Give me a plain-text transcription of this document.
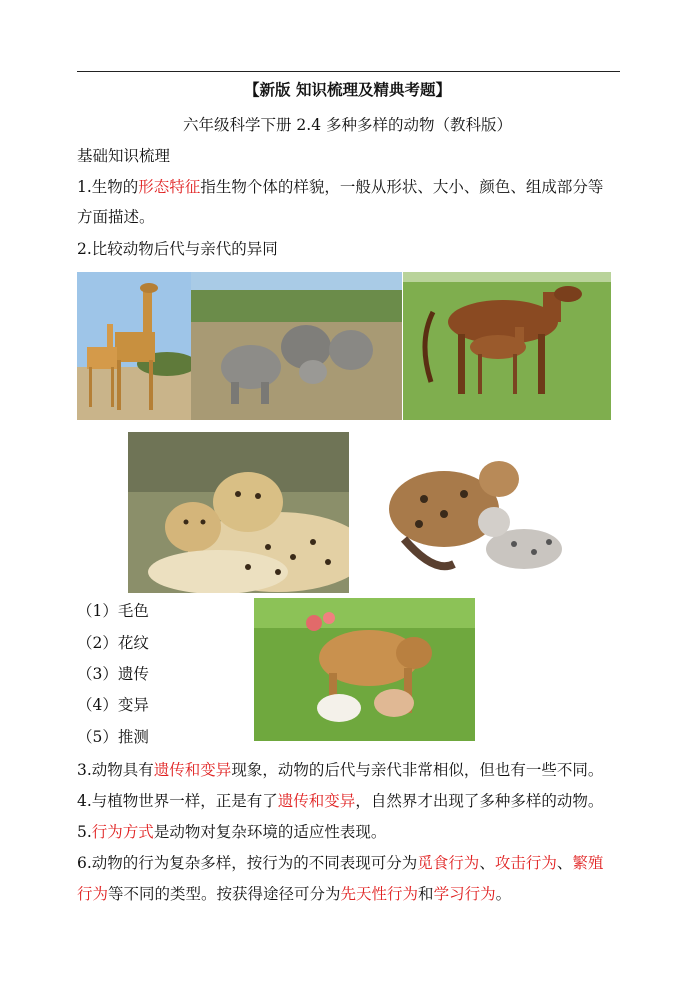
【新版 知识梳理及精典考题】
六年级科学下册 2.4 多种多样的动物（教科版）
基础知识梳理
1.生物的形态特征指生物个体的样貌，一般从形状、大小、颜色、组成部分等
方面描述。
2.比较动物后代与亲代的异同
（1）毛色
（2）花纹
（3）遗传
（4）变异
（5）推测
3.动物具有遗传和变异现象，动物的后代与亲代非常相似，但也有一些不同。
4.与植物世界一样，正是有了遗传和变异，自然界才出现了多种多样的动物。
5.行为方式是动物对复杂环境的适应性表现。
6.动物的行为复杂多样，按行为的不同表现可分为觅食行为、攻击行为、繁殖
行为等不同的类型。按获得途径可分为先天性行为和学习行为。
